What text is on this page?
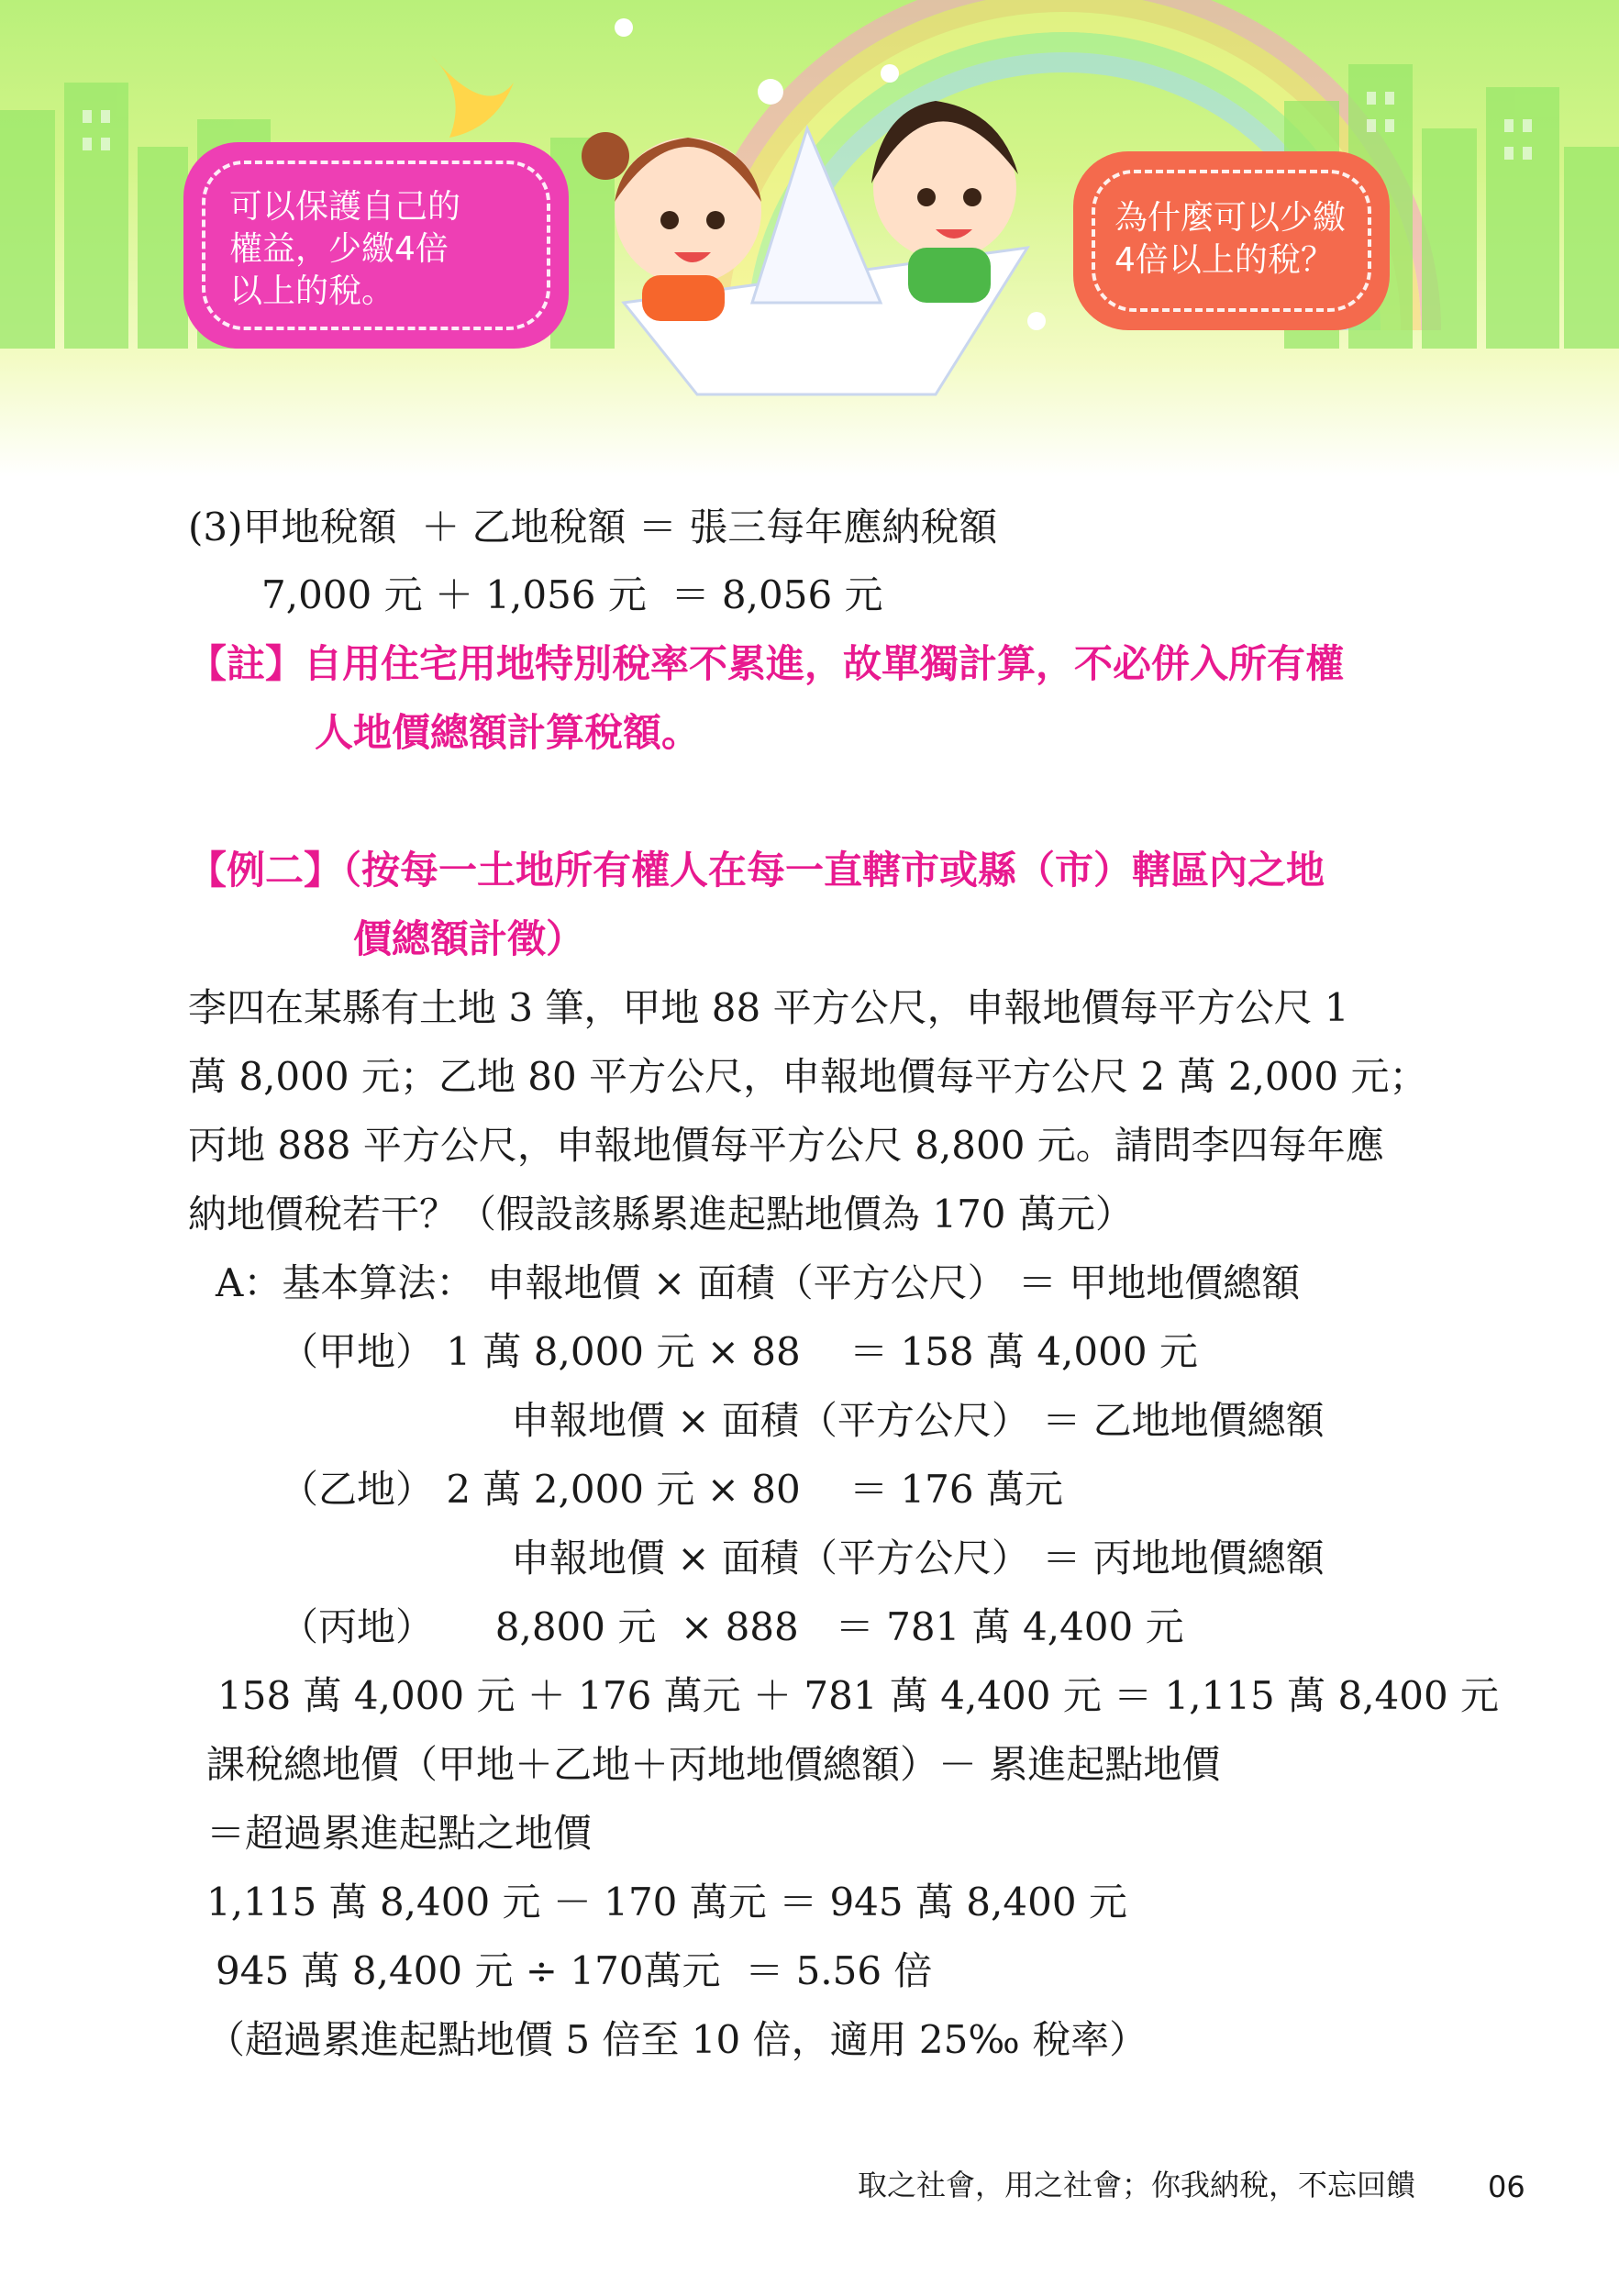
可以保護自己的
權益，少繳4倍
以上的稅。
為什麼可以少繳
4倍以上的稅？
(3)甲地稅額  ＋ 乙地稅額 ＝ 張三每年應納稅額
7,000 元 ＋ 1,056 元  ＝ 8,056 元
【註】自用住宅用地特別稅率不累進，故單獨計算，不必併入所有權
人地價總額計算稅額。
【例二】（按每一土地所有權人在每一直轄市或縣（市）轄區內之地
價總額計徵）
李四在某縣有土地 3 筆，甲地 88 平方公尺，申報地價每平方公尺 1
萬 8,000 元；乙地 80 平方公尺，申報地價每平方公尺 2 萬 2,000 元；
丙地 888 平方公尺，申報地價每平方公尺 8,800 元。請問李四每年應
納地價稅若干？（假設該縣累進起點地價為 170 萬元）
A：基本算法： 申報地價 × 面積（平方公尺） ＝ 甲地地價總額
（甲地） 1 萬 8,000 元 × 88    ＝ 158 萬 4,000 元
申報地價 × 面積（平方公尺） ＝ 乙地地價總額
（乙地） 2 萬 2,000 元 × 80    ＝ 176 萬元
申報地價 × 面積（平方公尺） ＝ 丙地地價總額
（丙地）     8,800 元  × 888   ＝ 781 萬 4,400 元
158 萬 4,000 元 ＋ 176 萬元 ＋ 781 萬 4,400 元 ＝ 1,115 萬 8,400 元
課稅總地價（甲地＋乙地＋丙地地價總額）－ 累進起點地價
＝超過累進起點之地價
1,115 萬 8,400 元 － 170 萬元 ＝ 945 萬 8,400 元
945 萬 8,400 元 ÷ 170萬元  ＝ 5.56 倍
（超過累進起點地價 5 倍至 10 倍，適用 25‰ 稅率）
取之社會，用之社會；你我納稅，不忘回饋 06
